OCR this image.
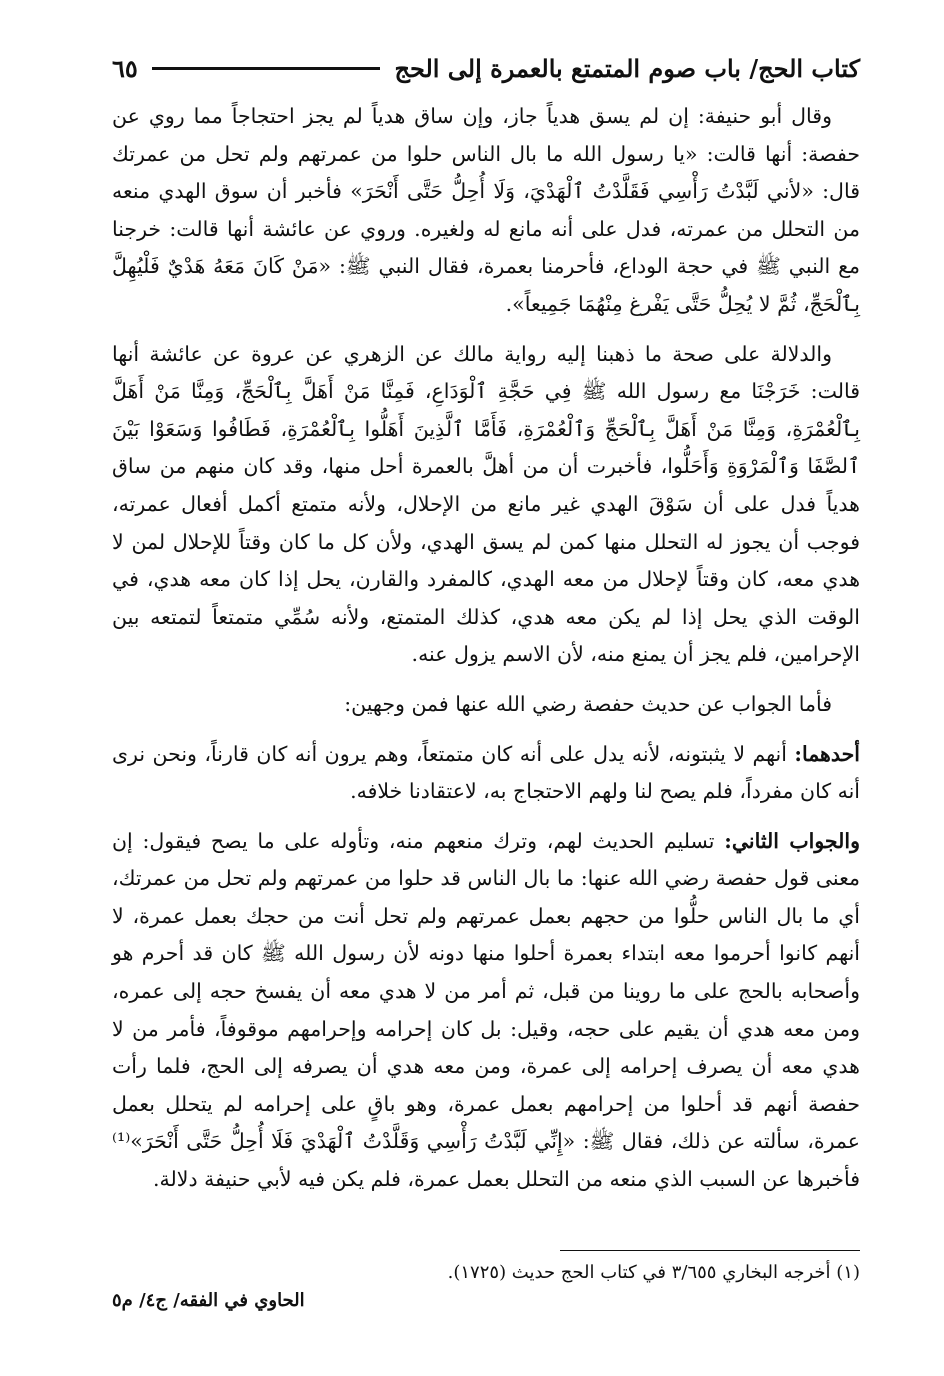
كتاب الحج/ باب صوم المتمتع بالعمرة إلى الحج
٦٥

وقال أبو حنيفة: إن لم يسق هدياً جاز، وإن ساق هدياً لم يجز احتجاجاً مما روي عن حفصة: أنها قالت: «يا رسول الله ما بال الناس حلوا من عمرتهم ولم تحل من عمرتك قال: «لأني لَبَّدْتُ رَأْسِي فَقَلَّدْتُ ٱلْهَدْيَ، وَلَا أُحِلُّ حَتَّى أَنْحَرَ» فأخبر أن سوق الهدي منعه من التحلل من عمرته، فدل على أنه مانع له ولغيره. وروي عن عائشة أنها قالت: خرجنا مع النبي ﷺ في حجة الوداع، فأحرمنا بعمرة، فقال النبي ﷺ: «مَنْ كَانَ مَعَهُ هَدْيٌ فَلْيُهِلَّ بِٱلْحَجِّ، ثُمَّ لا يُحِلُّ حَتَّى يَفْرغ مِنْهُمَا جَمِيعاً».

والدلالة على صحة ما ذهبنا إليه رواية مالك عن الزهري عن عروة عن عائشة أنها قالت: خَرَجْنَا مع رسول الله ﷺ فِي حَجَّةِ ٱلْوَدَاعِ، فَمِنَّا مَنْ أَهَلَّ بِٱلْحَجِّ، وَمِنَّا مَنْ أَهَلَّ بِٱلْعُمْرَةِ، وَمِنَّا مَنْ أَهَلَّ بِٱلْحَجِّ وَٱلْعُمْرَةِ، فَأَمَّا ٱلَّذِينَ أَهَلُّوا بِٱلْعُمْرَةِ، فَطَافُوا وَسَعَوْا بَيْنَ ٱلصَّفَا وَٱلْمَرْوَةِ وَأَحَلُّوا، فأخبرت أن من أهلَّ بالعمرة أحل منها، وقد كان منهم من ساق هدياً فدل على أن سَوْقَ الهدي غير مانع من الإحلال، ولأنه متمتع أكمل أفعال عمرته، فوجب أن يجوز له التحلل منها كمن لم يسق الهدي، ولأن كل ما كان وقتاً للإحلال لمن لا هدي معه، كان وقتاً لإحلال من معه الهدي، كالمفرد والقارن، يحل إذا كان معه هدي، في الوقت الذي يحل إذا لم يكن معه هدي، كذلك المتمتع، ولأنه سُمِّي متمتعاً لتمتعه بين الإحرامين، فلم يجز أن يمنع منه، لأن الاسم يزول عنه.

فأما الجواب عن حديث حفصة رضي الله عنها فمن وجهين:

أحدهما: أنهم لا يثبتونه، لأنه يدل على أنه كان متمتعاً، وهم يرون أنه كان قارناً، ونحن نرى أنه كان مفرداً، فلم يصح لنا ولهم الاحتجاج به، لاعتقادنا خلافه.

والجواب الثاني: تسليم الحديث لهم، وترك منعهم منه، وتأوله على ما يصح فيقول: إن معنى قول حفصة رضي الله عنها: ما بال الناس قد حلوا من عمرتهم ولم تحل من عمرتك، أي ما بال الناس حلُّوا من حجهم بعمل عمرتهم ولم تحل أنت من حجك بعمل عمرة، لا أنهم كانوا أحرموا معه ابتداء بعمرة أحلوا منها دونه لأن رسول الله ﷺ كان قد أحرم هو وأصحابه بالحج على ما روينا من قبل، ثم أمر من لا هدي معه أن يفسخ حجه إلى عمره، ومن معه هدي أن يقيم على حجه، وقيل: بل كان إحرامه وإحرامهم موقوفاً، فأمر من لا هدي معه أن يصرف إحرامه إلى عمرة، ومن معه هدي أن يصرفه إلى الحج، فلما رأت حفصة أنهم قد أحلوا من إحرامهم بعمل عمرة، وهو باقٍ على إحرامه لم يتحلل بعمل عمرة، سألته عن ذلك، فقال ﷺ: «إِنِّي لَبَّدْتُ رَأْسِي وَقَلَّدْتُ ٱلْهَدْيَ فَلَا أُحِلُّ حَتَّى أَنْحَرَ»⁽¹⁾ فأخبرها عن السبب الذي منعه من التحلل بعمل عمرة، فلم يكن فيه لأبي حنيفة دلالة.

(١) أخرجه البخاري ٣/٦٥٥ في كتاب الحج حديث (١٧٢٥).
الحاوي في الفقه/ ج٤/ م٥
